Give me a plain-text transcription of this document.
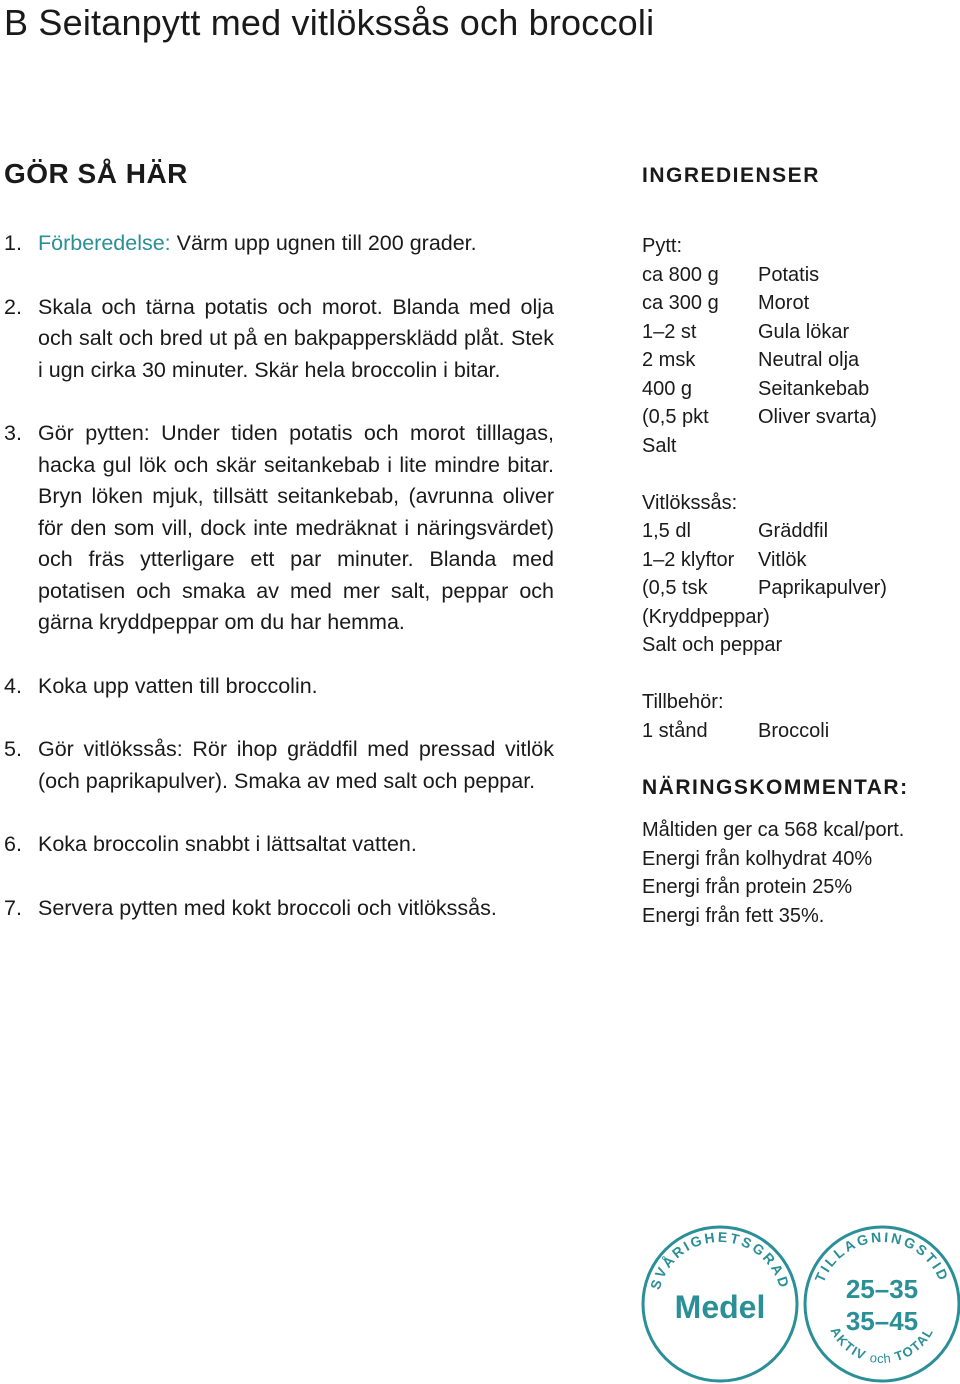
B Seitanpytt med vitlökssås och broccoli
GÖR SÅ HÄR
1. Förberedelse: Värm upp ugnen till 200 grader.
2. Skala och tärna potatis och morot. Blanda med olja och salt och bred ut på en bakpappersklädd plåt. Stek i ugn cirka 30 minuter. Skär hela broccolin i bitar.
3. Gör pytten: Under tiden potatis och morot tilllagas, hacka gul lök och skär seitankebab i lite mindre bitar. Bryn löken mjuk, tillsätt seitankebab, (avrunna oliver för den som vill, dock inte medräknat i näringsvärdet) och fräs ytterligare ett par minuter. Blanda med potatisen och smaka av med mer salt, peppar och gärna kryddpeppar om du har hemma.
4. Koka upp vatten till broccolin.
5. Gör vitlökssås: Rör ihop gräddfil med pressad vitlök (och paprikapulver). Smaka av med salt och peppar.
6. Koka broccolin snabbt i lättsaltat vatten.
7. Servera pytten med kokt broccoli och vitlökssås.
INGREDIENSER
Pytt:
ca 800 g	Potatis
ca 300 g	Morot
1–2 st	Gula lökar
2 msk	Neutral olja
400 g	Seitankebab
(0,5 pkt	Oliver svarta)
Salt
Vitlökssås:
1,5 dl	Gräddfil
1–2 klyftor	Vitlök
(0,5 tsk	Paprikapulver)
(Kryddpeppar)
Salt och peppar
Tillbehör:
1 stånd	Broccoli
NÄRINGSKOMMENTAR:
Måltiden ger ca 568 kcal/port.
Energi från kolhydrat 40%
Energi från protein 25%
Energi från fett 35%.
SVÅRIGHETSGRAD
Medel
TILLAGNINGSTID
25–35
35–45
AKTIV och TOTAL
